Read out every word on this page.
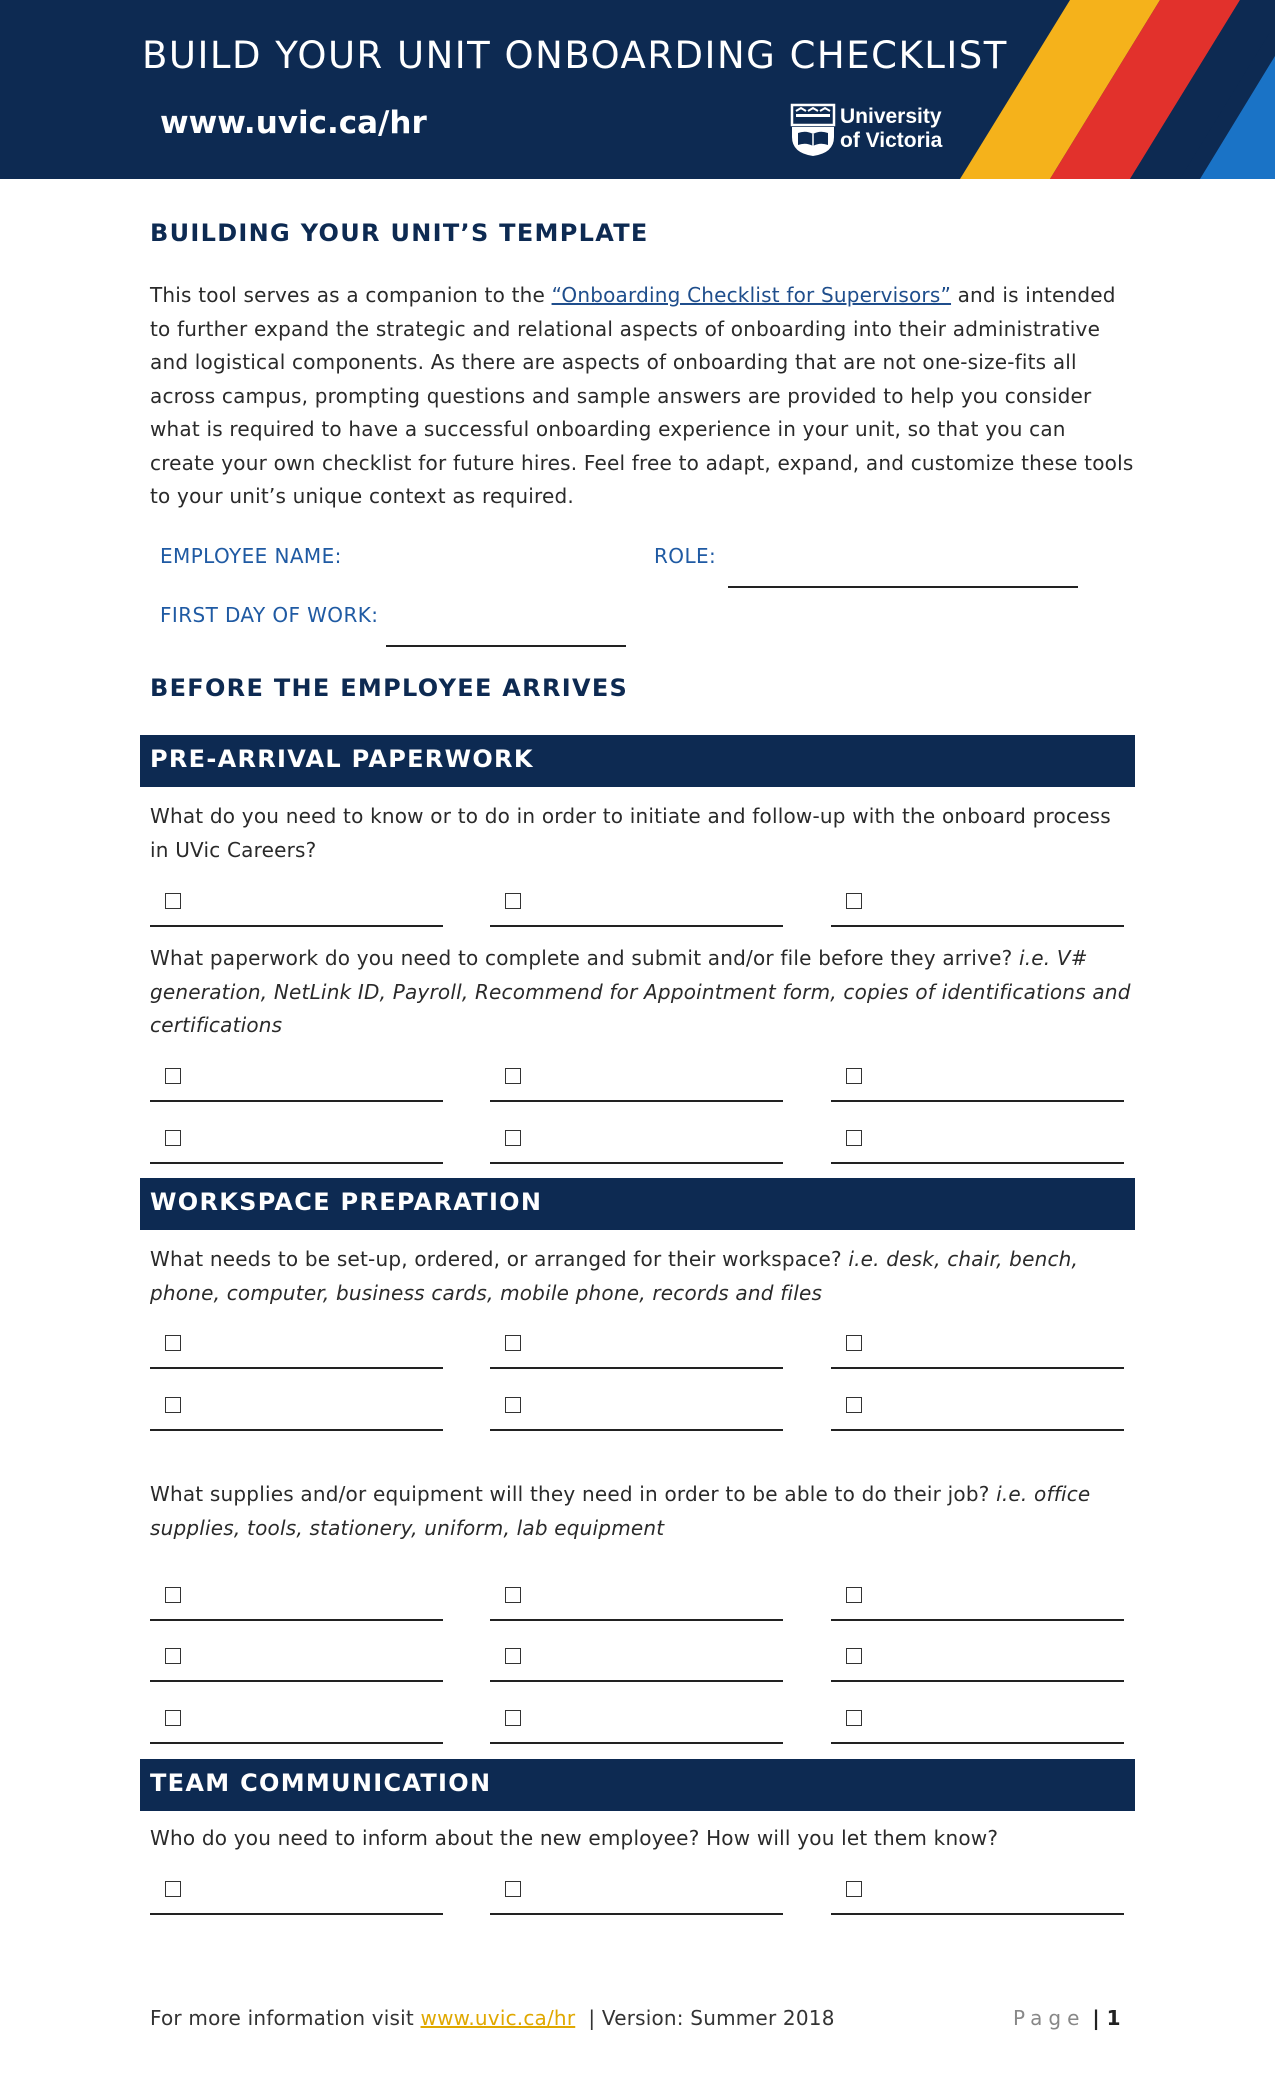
BUILD YOUR UNIT ONBOARDING CHECKLIST
www.uvic.ca/hr	University
of Victoria
BUILDING YOUR UNIT’S TEMPLATE
This tool serves as a companion to the “Onboarding Checklist for Supervisors” and is intended to further expand the strategic and relational aspects of onboarding into their administrative and logistical components. As there are aspects of onboarding that are not one-size-fits all across campus, prompting questions and sample answers are provided to help you consider what is required to have a successful onboarding experience in your unit, so that you can create your own checklist for future hires. Feel free to adapt, expand, and customize these tools to your unit’s unique context as required.
EMPLOYEE NAME:	ROLE:
FIRST DAY OF WORK:
BEFORE THE EMPLOYEE ARRIVES
PRE-ARRIVAL PAPERWORK
What do you need to know or to do in order to initiate and follow-up with the onboard process in UVic Careers?
What paperwork do you need to complete and submit and/or file before they arrive? i.e. V# generation, NetLink ID, Payroll, Recommend for Appointment form, copies of identifications and certifications
WORKSPACE PREPARATION
What needs to be set-up, ordered, or arranged for their workspace? i.e. desk, chair, bench, phone, computer, business cards, mobile phone, records and files
What supplies and/or equipment will they need in order to be able to do their job? i.e. office supplies, tools, stationery, uniform, lab equipment
TEAM COMMUNICATION
Who do you need to inform about the new employee? How will you let them know?
For more information visit www.uvic.ca/hr  | Version: Summer 2018	Page | 1
